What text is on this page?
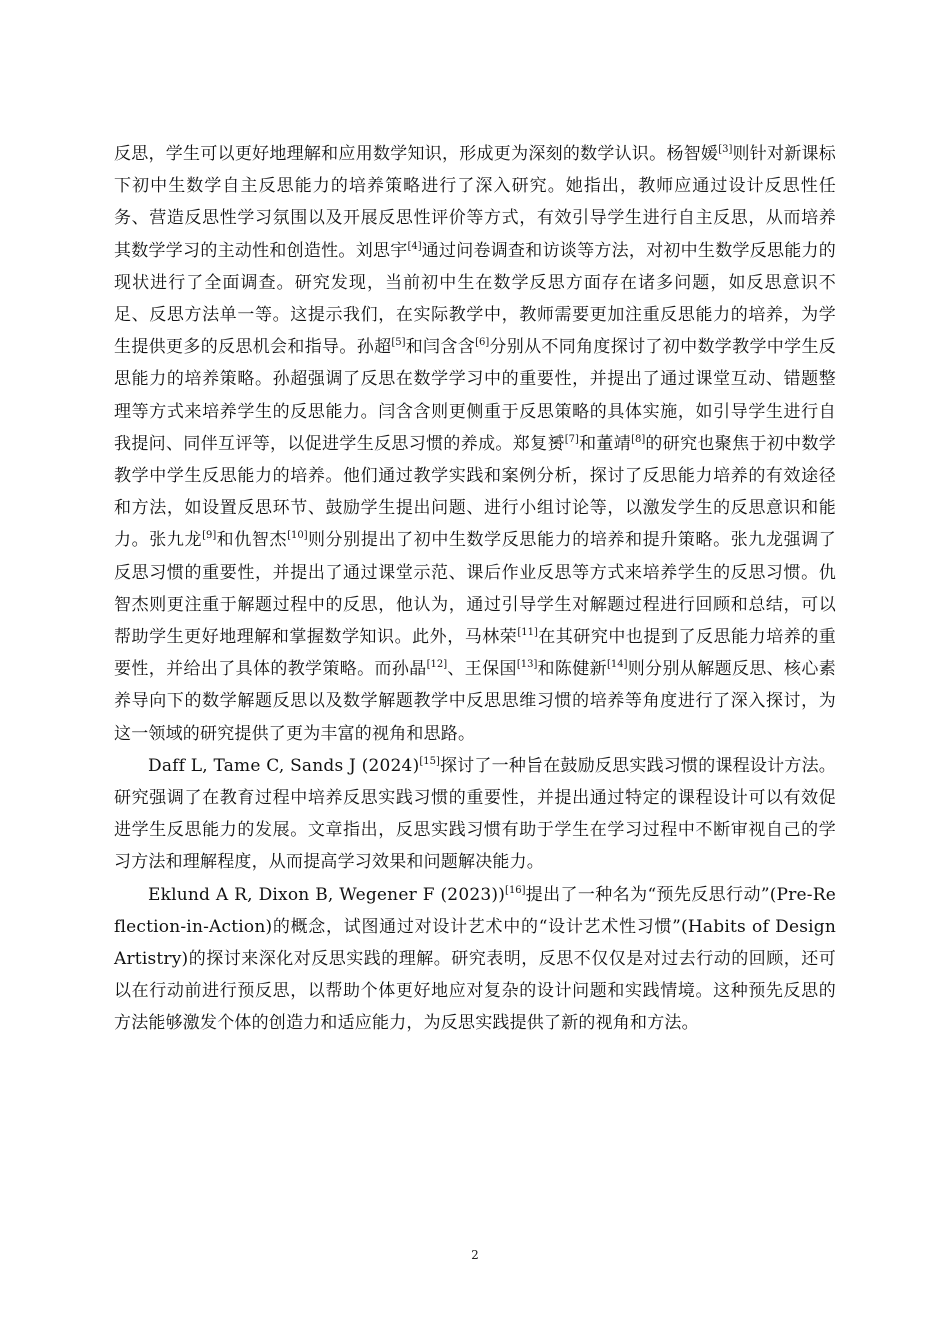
反思，学生可以更好地理解和应用数学知识，形成更为深刻的数学认识。杨智媛[3]则针对新课标下初中生数学自主反思能力的培养策略进行了深入研究。她指出，教师应通过设计反思性任务、营造反思性学习氛围以及开展反思性评价等方式，有效引导学生进行自主反思，从而培养其数学学习的主动性和创造性。刘思宇[4]通过问卷调查和访谈等方法，对初中生数学反思能力的现状进行了全面调查。研究发现，当前初中生在数学反思方面存在诸多问题，如反思意识不足、反思方法单一等。这提示我们，在实际教学中，教师需要更加注重反思能力的培养，为学生提供更多的反思机会和指导。孙超[5]和闫含含[6]分别从不同角度探讨了初中数学教学中学生反思能力的培养策略。孙超强调了反思在数学学习中的重要性，并提出了通过课堂互动、错题整理等方式来培养学生的反思能力。闫含含则更侧重于反思策略的具体实施，如引导学生进行自我提问、同伴互评等，以促进学生反思习惯的养成。郑复赟[7]和董靖[8]的研究也聚焦于初中数学教学中学生反思能力的培养。他们通过教学实践和案例分析，探讨了反思能力培养的有效途径和方法，如设置反思环节、鼓励学生提出问题、进行小组讨论等，以激发学生的反思意识和能力。张九龙[9]和仇智杰[10]则分别提出了初中生数学反思能力的培养和提升策略。张九龙强调了反思习惯的重要性，并提出了通过课堂示范、课后作业反思等方式来培养学生的反思习惯。仇智杰则更注重于解题过程中的反思，他认为，通过引导学生对解题过程进行回顾和总结，可以帮助学生更好地理解和掌握数学知识。此外，马林荣[11]在其研究中也提到了反思能力培养的重要性，并给出了具体的教学策略。而孙晶[12]、王保国[13]和陈健新[14]则分别从解题反思、核心素养导向下的数学解题反思以及数学解题教学中反思思维习惯的培养等角度进行了深入探讨，为这一领域的研究提供了更为丰富的视角和思路。

Daff L, Tame C, Sands J (2024)[15]探讨了一种旨在鼓励反思实践习惯的课程设计方法。研究强调了在教育过程中培养反思实践习惯的重要性，并提出通过特定的课程设计可以有效促进学生反思能力的发展。文章指出，反思实践习惯有助于学生在学习过程中不断审视自己的学习方法和理解程度，从而提高学习效果和问题解决能力。

Eklund A R, Dixon B, Wegener F (2023))[16]提出了一种名为“预先反思行动”(Pre-Reflection-in-Action)的概念，试图通过对设计艺术中的“设计艺术性习惯”(Habits of Design Artistry)的探讨来深化对反思实践的理解。研究表明，反思不仅仅是对过去行动的回顾，还可以在行动前进行预反思，以帮助个体更好地应对复杂的设计问题和实践情境。这种预先反思的方法能够激发个体的创造力和适应能力，为反思实践提供了新的视角和方法。

2
